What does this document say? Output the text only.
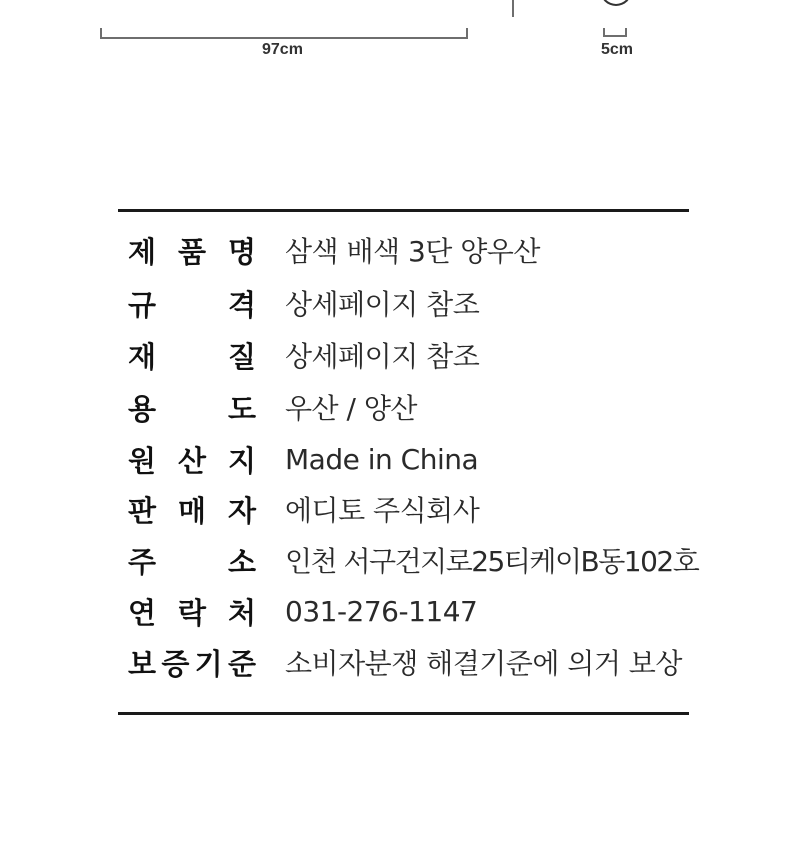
97cm	5cm
제 품 명 삼색 배색 3단 양우산
규 격 상세페이지 참조
재 질 상세페이지 참조
용 도 우산 / 양산
원 산 지 Made in China
판 매 자 에디토 주식회사
주 소 인천 서구건지로25티케이B동102호
연 락 처 031-276-1147
보 증 기 준 소비자분쟁 해결기준에 의거 보상
